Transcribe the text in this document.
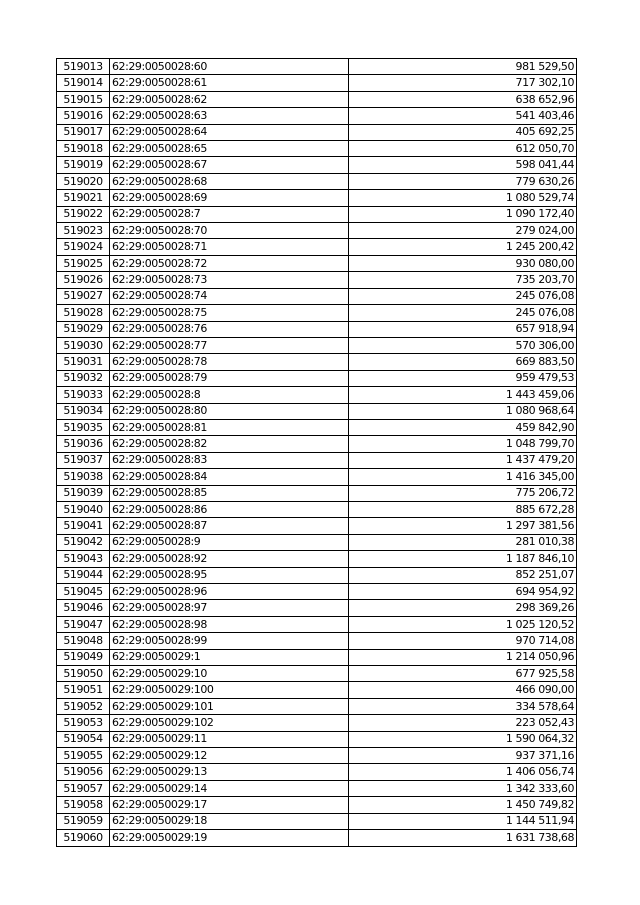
519013	62:29:0050028:60	981 529,50
519014	62:29:0050028:61	717 302,10
519015	62:29:0050028:62	638 652,96
519016	62:29:0050028:63	541 403,46
519017	62:29:0050028:64	405 692,25
519018	62:29:0050028:65	612 050,70
519019	62:29:0050028:67	598 041,44
519020	62:29:0050028:68	779 630,26
519021	62:29:0050028:69	1 080 529,74
519022	62:29:0050028:7	1 090 172,40
519023	62:29:0050028:70	279 024,00
519024	62:29:0050028:71	1 245 200,42
519025	62:29:0050028:72	930 080,00
519026	62:29:0050028:73	735 203,70
519027	62:29:0050028:74	245 076,08
519028	62:29:0050028:75	245 076,08
519029	62:29:0050028:76	657 918,94
519030	62:29:0050028:77	570 306,00
519031	62:29:0050028:78	669 883,50
519032	62:29:0050028:79	959 479,53
519033	62:29:0050028:8	1 443 459,06
519034	62:29:0050028:80	1 080 968,64
519035	62:29:0050028:81	459 842,90
519036	62:29:0050028:82	1 048 799,70
519037	62:29:0050028:83	1 437 479,20
519038	62:29:0050028:84	1 416 345,00
519039	62:29:0050028:85	775 206,72
519040	62:29:0050028:86	885 672,28
519041	62:29:0050028:87	1 297 381,56
519042	62:29:0050028:9	281 010,38
519043	62:29:0050028:92	1 187 846,10
519044	62:29:0050028:95	852 251,07
519045	62:29:0050028:96	694 954,92
519046	62:29:0050028:97	298 369,26
519047	62:29:0050028:98	1 025 120,52
519048	62:29:0050028:99	970 714,08
519049	62:29:0050029:1	1 214 050,96
519050	62:29:0050029:10	677 925,58
519051	62:29:0050029:100	466 090,00
519052	62:29:0050029:101	334 578,64
519053	62:29:0050029:102	223 052,43
519054	62:29:0050029:11	1 590 064,32
519055	62:29:0050029:12	937 371,16
519056	62:29:0050029:13	1 406 056,74
519057	62:29:0050029:14	1 342 333,60
519058	62:29:0050029:17	1 450 749,82
519059	62:29:0050029:18	1 144 511,94
519060	62:29:0050029:19	1 631 738,68
